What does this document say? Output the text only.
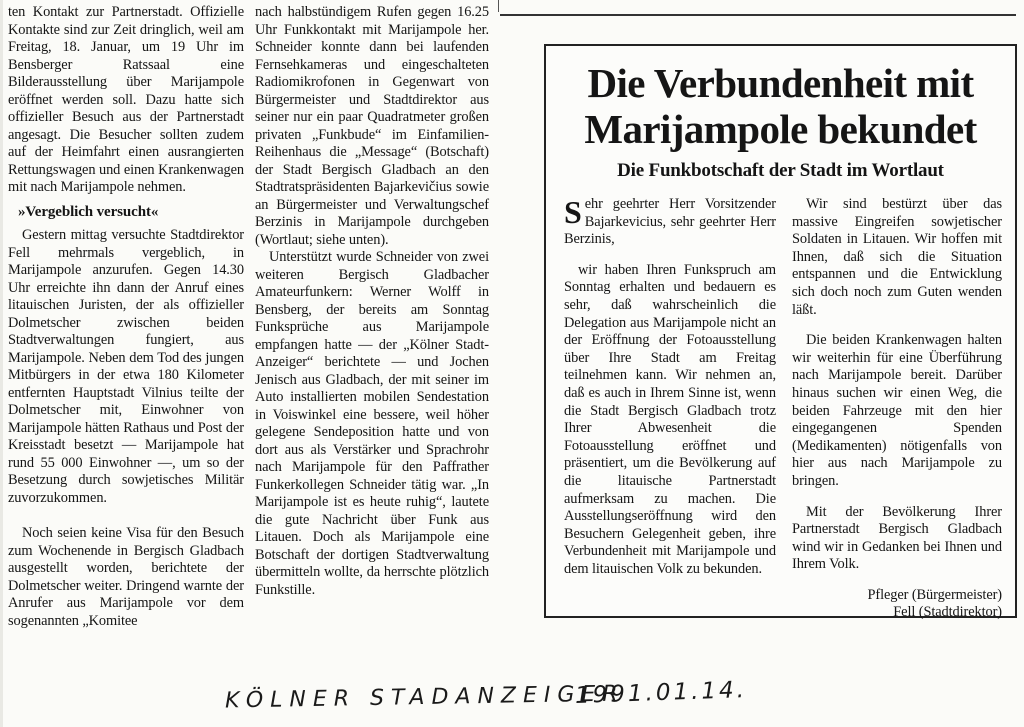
ten Kontakt zur Partnerstadt. Offizielle Kontakte sind zur Zeit dringlich, weil am Freitag, 18. Januar, um 19 Uhr im Bensberger Ratssaal eine Bilderausstellung über Marijampole eröffnet werden soll. Dazu hatte sich offizieller Besuch aus der Partnerstadt angesagt. Die Besucher sollten zudem auf der Heimfahrt einen ausrangierten Rettungswagen und einen Krankenwagen mit nach Marijampole nehmen.

»Vergeblich versucht«

Gestern mittag versuchte Stadtdirektor Fell mehrmals vergeblich, in Marijampole anzurufen. Gegen 14.30 Uhr erreichte ihn dann der Anruf eines litauischen Juristen, der als offizieller Dolmetscher zwischen beiden Stadtverwaltungen fungiert, aus Marijampole. Neben dem Tod des jungen Mitbürgers in der etwa 180 Kilometer entfernten Hauptstadt Vilnius teilte der Dolmetscher mit, Einwohner von Marijampole hätten Rathaus und Post der Kreisstadt besetzt — Marijampole hat rund 55 000 Einwohner —, um so der Besetzung durch sowjetisches Militär zuvorzukommen.

Noch seien keine Visa für den Besuch zum Wochenende in Bergisch Gladbach ausgestellt worden, berichtete der Dolmetscher weiter. Dringend warnte der Anrufer aus Marijampole vor dem sogenannten „Komitee

nach halbstündigem Rufen gegen 16.25 Uhr Funkkontakt mit Marijampole her. Schneider konnte dann bei laufenden Fernsehkameras und eingeschalteten Radiomikrofonen in Gegenwart von Bürgermeister und Stadtdirektor aus seiner nur ein paar Quadratmeter großen privaten „Funkbude“ im Einfamilien-Reihenhaus die „Message“ (Botschaft) der Stadt Bergisch Gladbach an den Stadtratspräsidenten Bajarkevičius sowie an Bürgermeister und Verwaltungschef Berzinis in Marijampole durchgeben (Wortlaut; siehe unten).

Unterstützt wurde Schneider von zwei weiteren Bergisch Gladbacher Amateurfunkern: Werner Wolff in Bensberg, der bereits am Sonntag Funksprüche aus Marijampole empfangen hatte — der „Kölner Stadt-Anzeiger“ berichtete — und Jochen Jenisch aus Gladbach, der mit seiner im Auto installierten mobilen Sendestation in Voiswinkel eine bessere, weil höher gelegene Sendeposition hatte und von dort aus als Verstärker und Sprachrohr nach Marijampole für den Paffrather Funkerkollegen Schneider tätig war. „In Marijampole ist es heute ruhig“, lautete die gute Nachricht über Funk aus Litauen. Doch als Marijampole eine Botschaft der dortigen Stadtverwaltung übermitteln wollte, da herrschte plötzlich Funkstille.

Die Verbundenheit mit Marijampole bekundet
Die Funkbotschaft der Stadt im Wortlaut

Sehr geehrter Herr Vorsitzender Bajarkevicius, sehr geehrter Herr Berzinis,

wir haben Ihren Funkspruch am Sonntag erhalten und bedauern es sehr, daß wahrscheinlich die Delegation aus Marijampole nicht an der Eröffnung der Fotoausstellung über Ihre Stadt am Freitag teilnehmen kann. Wir nehmen an, daß es auch in Ihrem Sinne ist, wenn die Stadt Bergisch Gladbach trotz Ihrer Abwesenheit die Fotoausstellung eröffnet und präsentiert, um die Bevölkerung auf die litauische Partnerstadt aufmerksam zu machen. Die Ausstellungseröffnung wird den Besuchern Gelegenheit geben, ihre Verbundenheit mit Marijampole und dem litauischen Volk zu bekunden.

Wir sind bestürzt über das massive Eingreifen sowjetischer Soldaten in Litauen. Wir hoffen mit Ihnen, daß sich die Situation entspannen und die Entwicklung sich doch noch zum Guten wenden läßt.

Die beiden Krankenwagen halten wir weiterhin für eine Überführung nach Marijampole bereit. Darüber hinaus suchen wir einen Weg, die beiden Fahrzeuge mit den hier eingegangenen Spenden (Medikamenten) nötigenfalls von hier aus nach Marijampole zu bringen.

Mit der Bevölkerung Ihrer Partnerstadt Bergisch Gladbach wind wir in Gedanken bei Ihnen und Ihrem Volk.

Pfleger (Bürgermeister)

Fell (Stadtdirektor)

KÖLNER STADANZEIGER
1991.01.14.
